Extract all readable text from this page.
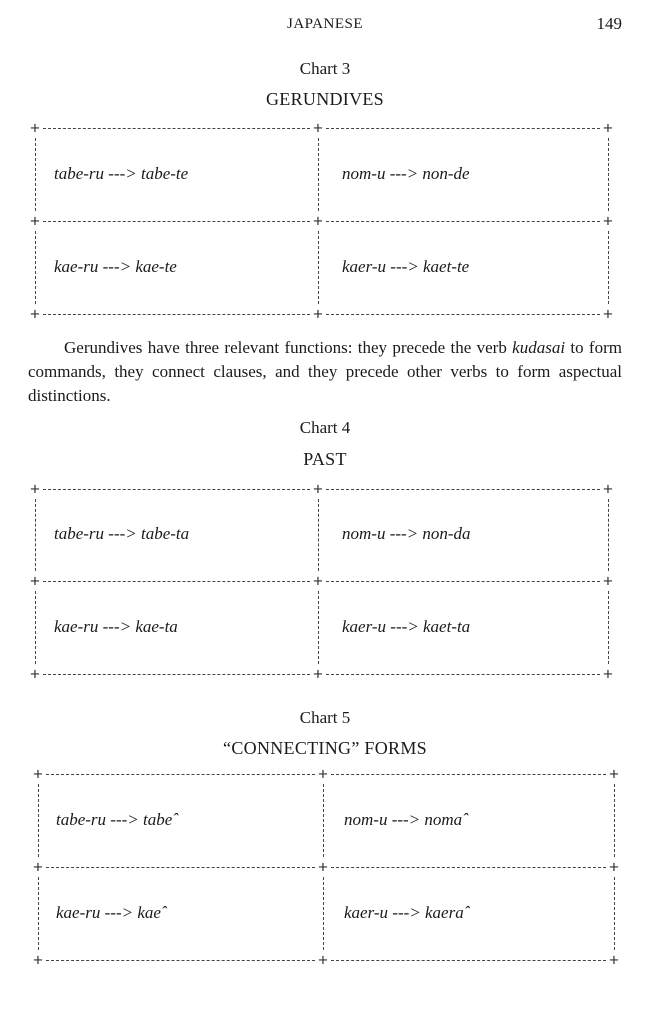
JAPANESE	149
Chart 3
GERUNDIVES
Gerundives have three relevant functions: they precede the verb kudasai to form commands, they connect clauses, and they precede other verbs to form aspectual distinctions.
Chart 4
PAST
Chart 5
“CONNECTING” FORMS
+	+	+
+	+	+
+	+	+
tabe-ru ---> tabe-te	nom-u ---> non-de
kae-ru ---> kae-te	kaer-u ---> kaet-te
+	+	+
+	+	+
+	+	+
tabe-ru ---> tabe-ta	nom-u ---> non-da
kae-ru ---> kae-ta	kaer-u ---> kaet-ta
+	+	+
+	+	+
+	+	+
tabe-ru ---> tabeˆ	nom-u ---> nomaˆ
kae-ru ---> kaeˆ	kaer-u ---> kaeraˆ
